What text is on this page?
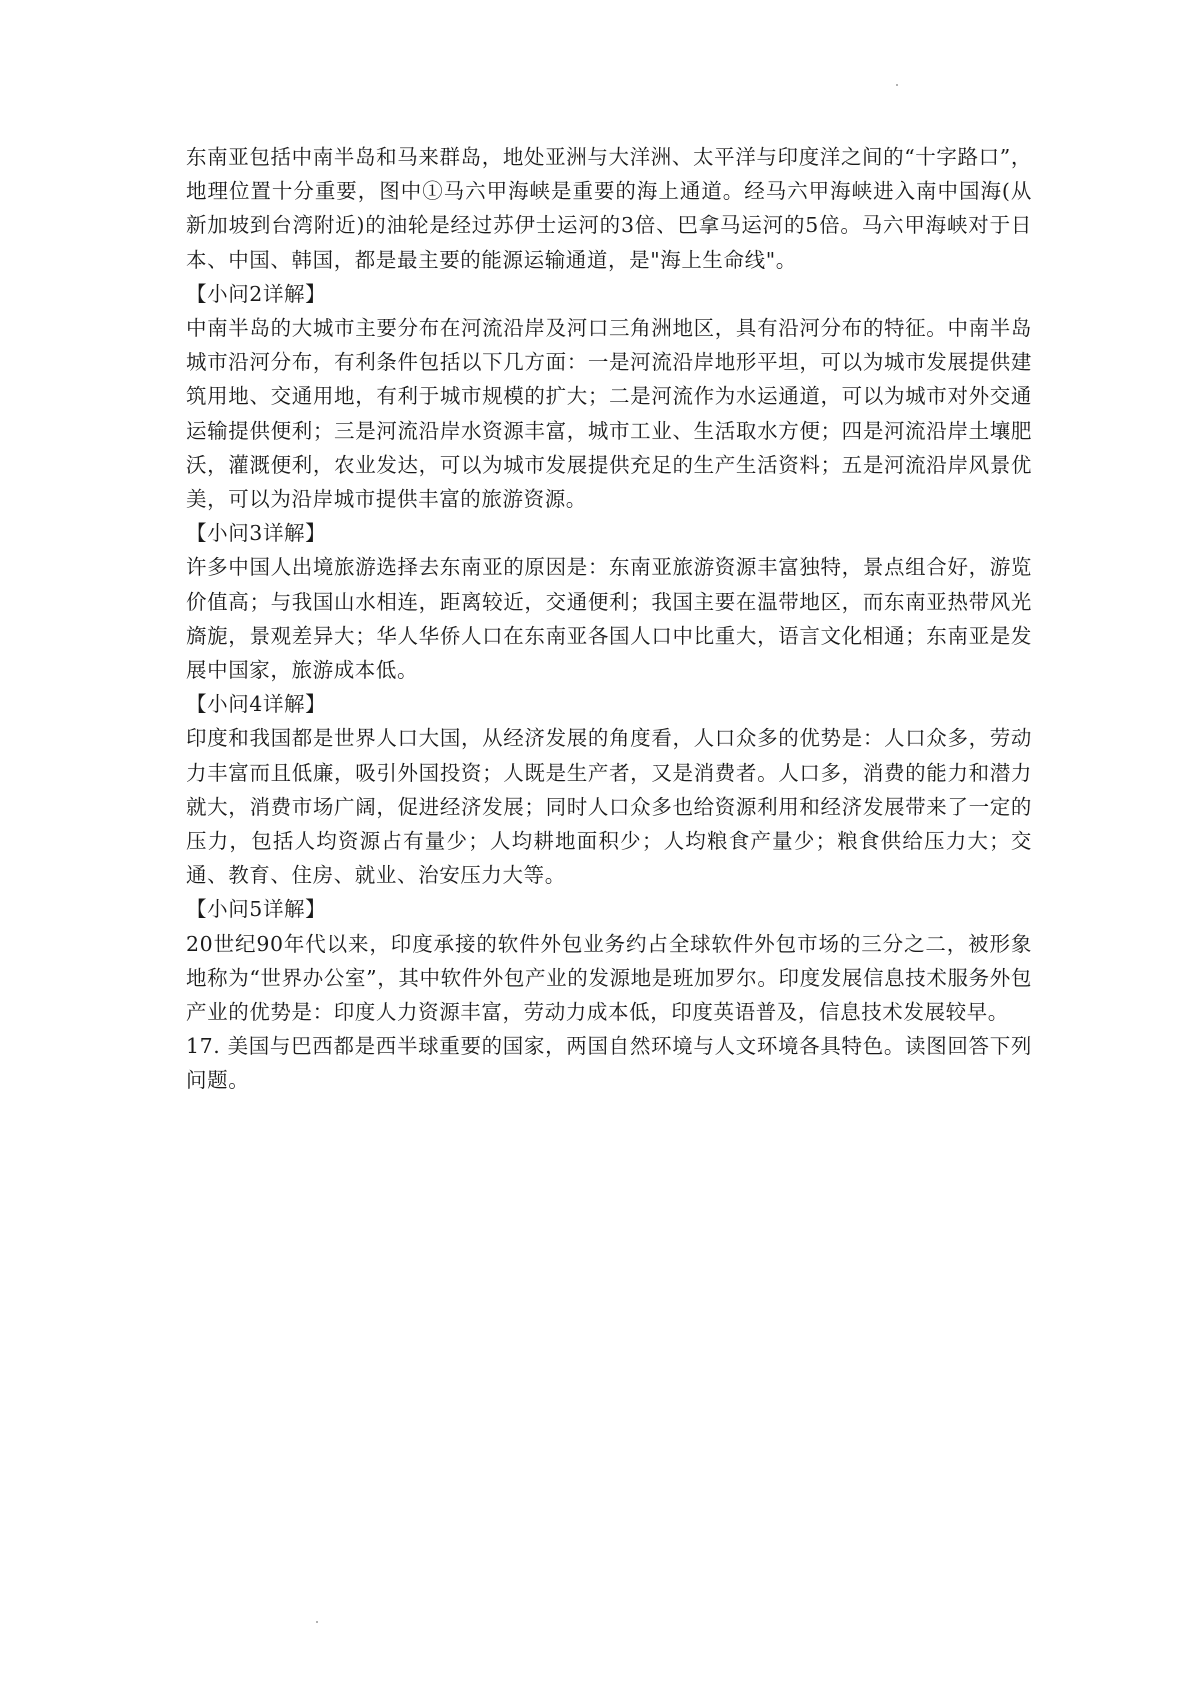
东南亚包括中南半岛和马来群岛，地处亚洲与大洋洲、太平洋与印度洋之间的“十字路口”，地理位置十分重要，图中①马六甲海峡是重要的海上通道。经马六甲海峡进入南中国海(从新加坡到台湾附近)的油轮是经过苏伊士运河的3倍、巴拿马运河的5倍。马六甲海峡对于日本、中国、韩国，都是最主要的能源运输通道，是"海上生命线"。

【小问2详解】

中南半岛的大城市主要分布在河流沿岸及河口三角洲地区，具有沿河分布的特征。中南半岛城市沿河分布，有利条件包括以下几方面：一是河流沿岸地形平坦，可以为城市发展提供建筑用地、交通用地，有利于城市规模的扩大；二是河流作为水运通道，可以为城市对外交通运输提供便利；三是河流沿岸水资源丰富，城市工业、生活取水方便；四是河流沿岸土壤肥沃，灌溉便利，农业发达，可以为城市发展提供充足的生产生活资料；五是河流沿岸风景优美，可以为沿岸城市提供丰富的旅游资源。

【小问3详解】

许多中国人出境旅游选择去东南亚的原因是：东南亚旅游资源丰富独特，景点组合好，游览价值高；与我国山水相连，距离较近，交通便利；我国主要在温带地区，而东南亚热带风光旖旎，景观差异大；华人华侨人口在东南亚各国人口中比重大，语言文化相通；东南亚是发展中国家，旅游成本低。

【小问4详解】

印度和我国都是世界人口大国，从经济发展的角度看，人口众多的优势是：人口众多，劳动力丰富而且低廉，吸引外国投资；人既是生产者，又是消费者。人口多，消费的能力和潜力就大，消费市场广阔，促进经济发展；同时人口众多也给资源利用和经济发展带来了一定的压力，包括人均资源占有量少；人均耕地面积少；人均粮食产量少；粮食供给压力大；交通、教育、住房、就业、治安压力大等。

【小问5详解】

20世纪90年代以来，印度承接的软件外包业务约占全球软件外包市场的三分之二，被形象地称为“世界办公室”，其中软件外包产业的发源地是班加罗尔。印度发展信息技术服务外包产业的优势是：印度人力资源丰富，劳动力成本低，印度英语普及，信息技术发展较早。

17. 美国与巴西都是西半球重要的国家，两国自然环境与人文环境各具特色。读图回答下列问题。
